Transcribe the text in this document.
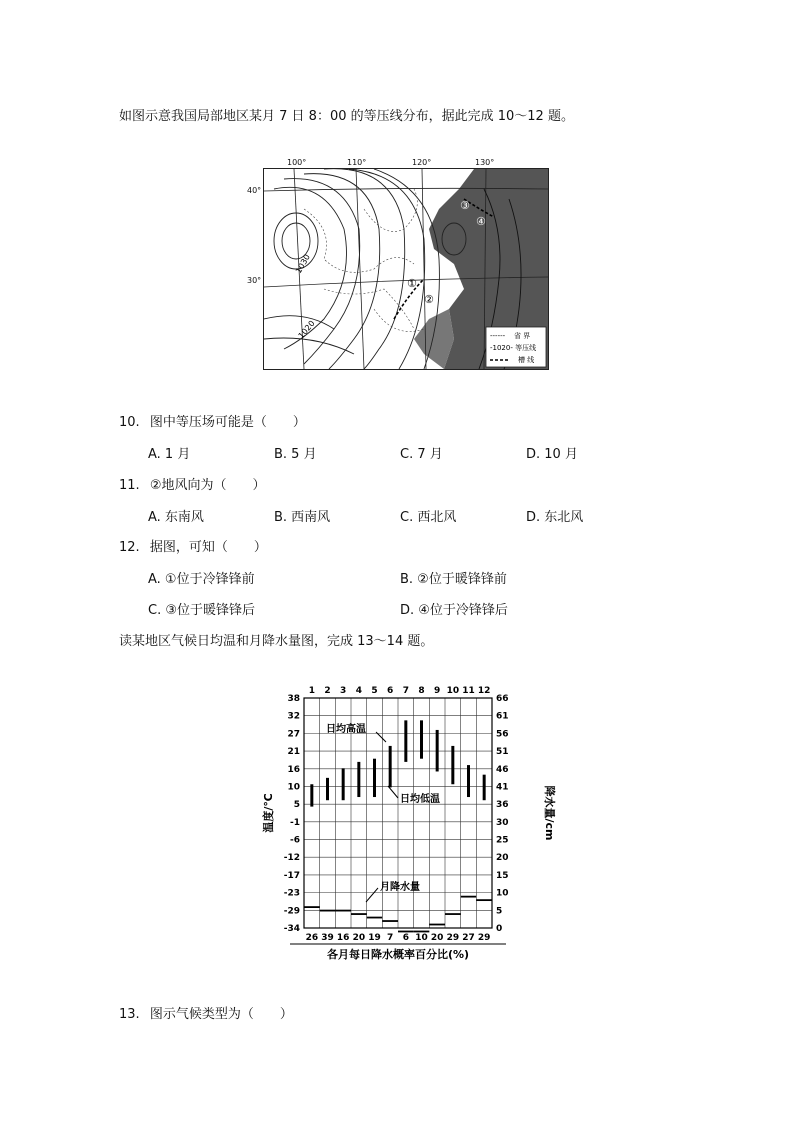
如图示意我国局部地区某月 7 日 8：00 的等压线分布，据此完成 10～12 题。
100°	110°	120°	130°
40°
30°	①
②
③
④
1030
1020	------ 省 界
-1020- 等压线
槽 线
10. 图中等压场可能是（　　）
A. 1 月	B. 5 月	C. 7 月	D. 10 月
11. ②地风向为（　　）
A. 东南风	B. 西南风	C. 西北风	D. 东北风
12. 据图，可知（　　）
A. ①位于冷锋锋前	B. ②位于暖锋锋前
C. ③位于暖锋锋后	D. ④位于冷锋锋后
读某地区气候日均温和月降水量图，完成 13～14 题。
38
32
27
21
16
10
5
-1
-6
-12
-17
-23
-29
-34
66
61
56
51
46
41
36
30
25
20
15
10
5
0
1 2 3 4 5 6 7 8 9 10 11 12
26 39 16 20 19 7 6 10 20 29 27 29
各月每日降水概率百分比(%)
温度/℃	降水量/cm
日均高温
日均低温
月降水量
13. 图示气候类型为（　　）
